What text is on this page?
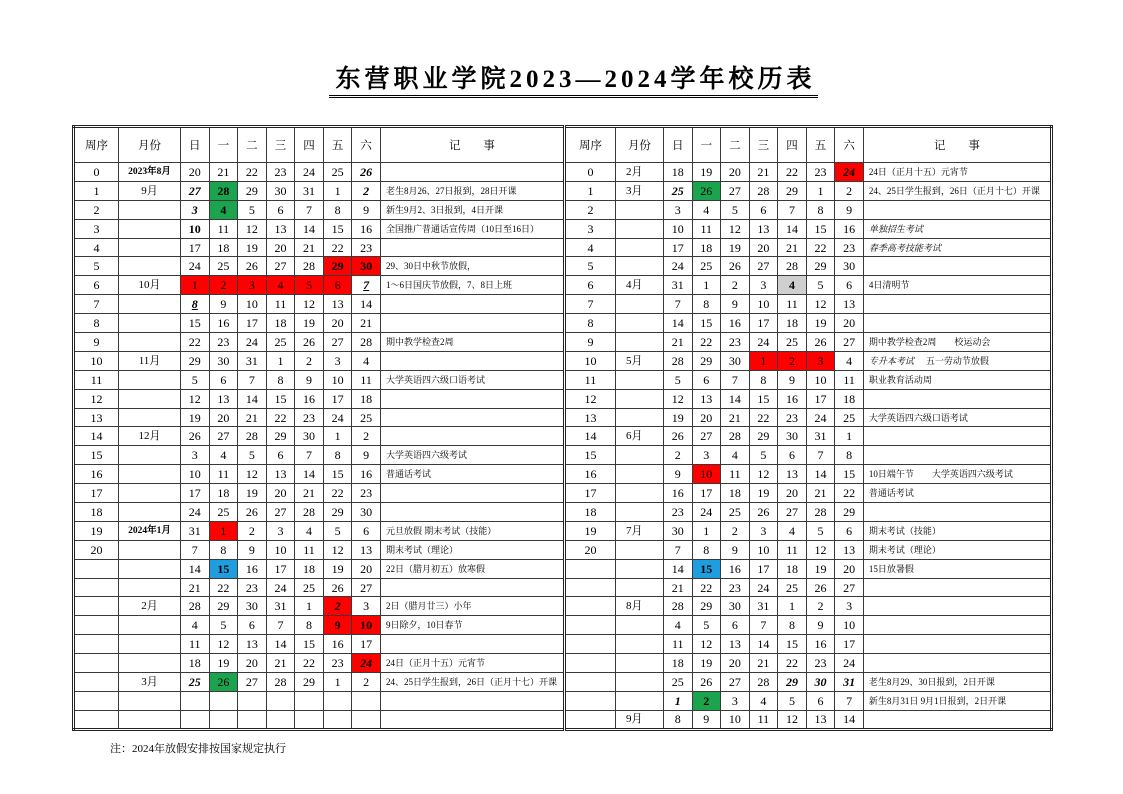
东营职业学院2023—2024学年校历表
周序	月份	日	一	二	三	四	五	六	记　　事	周序	月份	日	一	二	三	四	五	六	记　　事
0	2023年8月	20	21	22	23	24	25	26		0	2月	18	19	20	21	22	23	24	24日（正月十五）元宵节
1	9月	27	28	29	30	31	1	2	老生8月26、27日报到，28日开课	1	3月	25	26	27	28	29	1	2	24、25日学生报到，26日（正月十七）开课
2		3	4	5	6	7	8	9	新生9月2、3日报到，4日开课	2		3	4	5	6	7	8	9	
3		10	11	12	13	14	15	16	全国推广普通话宣传周（10日至16日）	3		10	11	12	13	14	15	16	单独招生考试
4		17	18	19	20	21	22	23		4		17	18	19	20	21	22	23	春季高考技能考试
5		24	25	26	27	28	29	30	29、30日中秋节放假，	5		24	25	26	27	28	29	30	
6	10月	1	2	3	4	5	6	7	1～6日国庆节放假，7、8日上班	6	4月	31	1	2	3	4	5	6	4日清明节
7		8	9	10	11	12	13	14		7		7	8	9	10	11	12	13	
8		15	16	17	18	19	20	21		8		14	15	16	17	18	19	20	
9		22	23	24	25	26	27	28	期中教学检查2周	9		21	22	23	24	25	26	27	期中教学检查2周　　校运动会
10	11月	29	30	31	1	2	3	4		10	5月	28	29	30	1	2	3	4	专升本考试 五一劳动节放假
11		5	6	7	8	9	10	11	大学英语四六级口语考试	11		5	6	7	8	9	10	11	职业教育活动周
12		12	13	14	15	16	17	18		12		12	13	14	15	16	17	18	
13		19	20	21	22	23	24	25		13		19	20	21	22	23	24	25	大学英语四六级口语考试
14	12月	26	27	28	29	30	1	2		14	6月	26	27	28	29	30	31	1	
15		3	4	5	6	7	8	9	大学英语四六级考试	15		2	3	4	5	6	7	8	
16		10	11	12	13	14	15	16	普通话考试	16		9	10	11	12	13	14	15	10日端午节　　大学英语四六级考试
17		17	18	19	20	21	22	23		17		16	17	18	19	20	21	22	普通话考试
18		24	25	26	27	28	29	30		18		23	24	25	26	27	28	29	
19	2024年1月	31	1	2	3	4	5	6	元旦放假 期末考试（技能）	19	7月	30	1	2	3	4	5	6	期末考试（技能）
20		7	8	9	10	11	12	13	期末考试（理论）	20		7	8	9	10	11	12	13	期末考试（理论）
		14	15	16	17	18	19	20	22日（腊月初五）放寒假			14	15	16	17	18	19	20	15日放暑假
		21	22	23	24	25	26	27				21	22	23	24	25	26	27	
	2月	28	29	30	31	1	2	3	2日（腊月廿三）小年		8月	28	29	30	31	1	2	3	
		4	5	6	7	8	9	10	9日除夕，10日春节			4	5	6	7	8	9	10	
		11	12	13	14	15	16	17				11	12	13	14	15	16	17	
		18	19	20	21	22	23	24	24日（正月十五）元宵节			18	19	20	21	22	23	24	
	3月	25	26	27	28	29	1	2	24、25日学生报到，26日（正月十七）开课			25	26	27	28	29	30	31	老生8月29、30日报到，2日开课
												1	2	3	4	5	6	7	新生8月31日 9月1日报到，2日开课
											9月	8	9	10	11	12	13	14	
注：2024年放假安排按国家规定执行
